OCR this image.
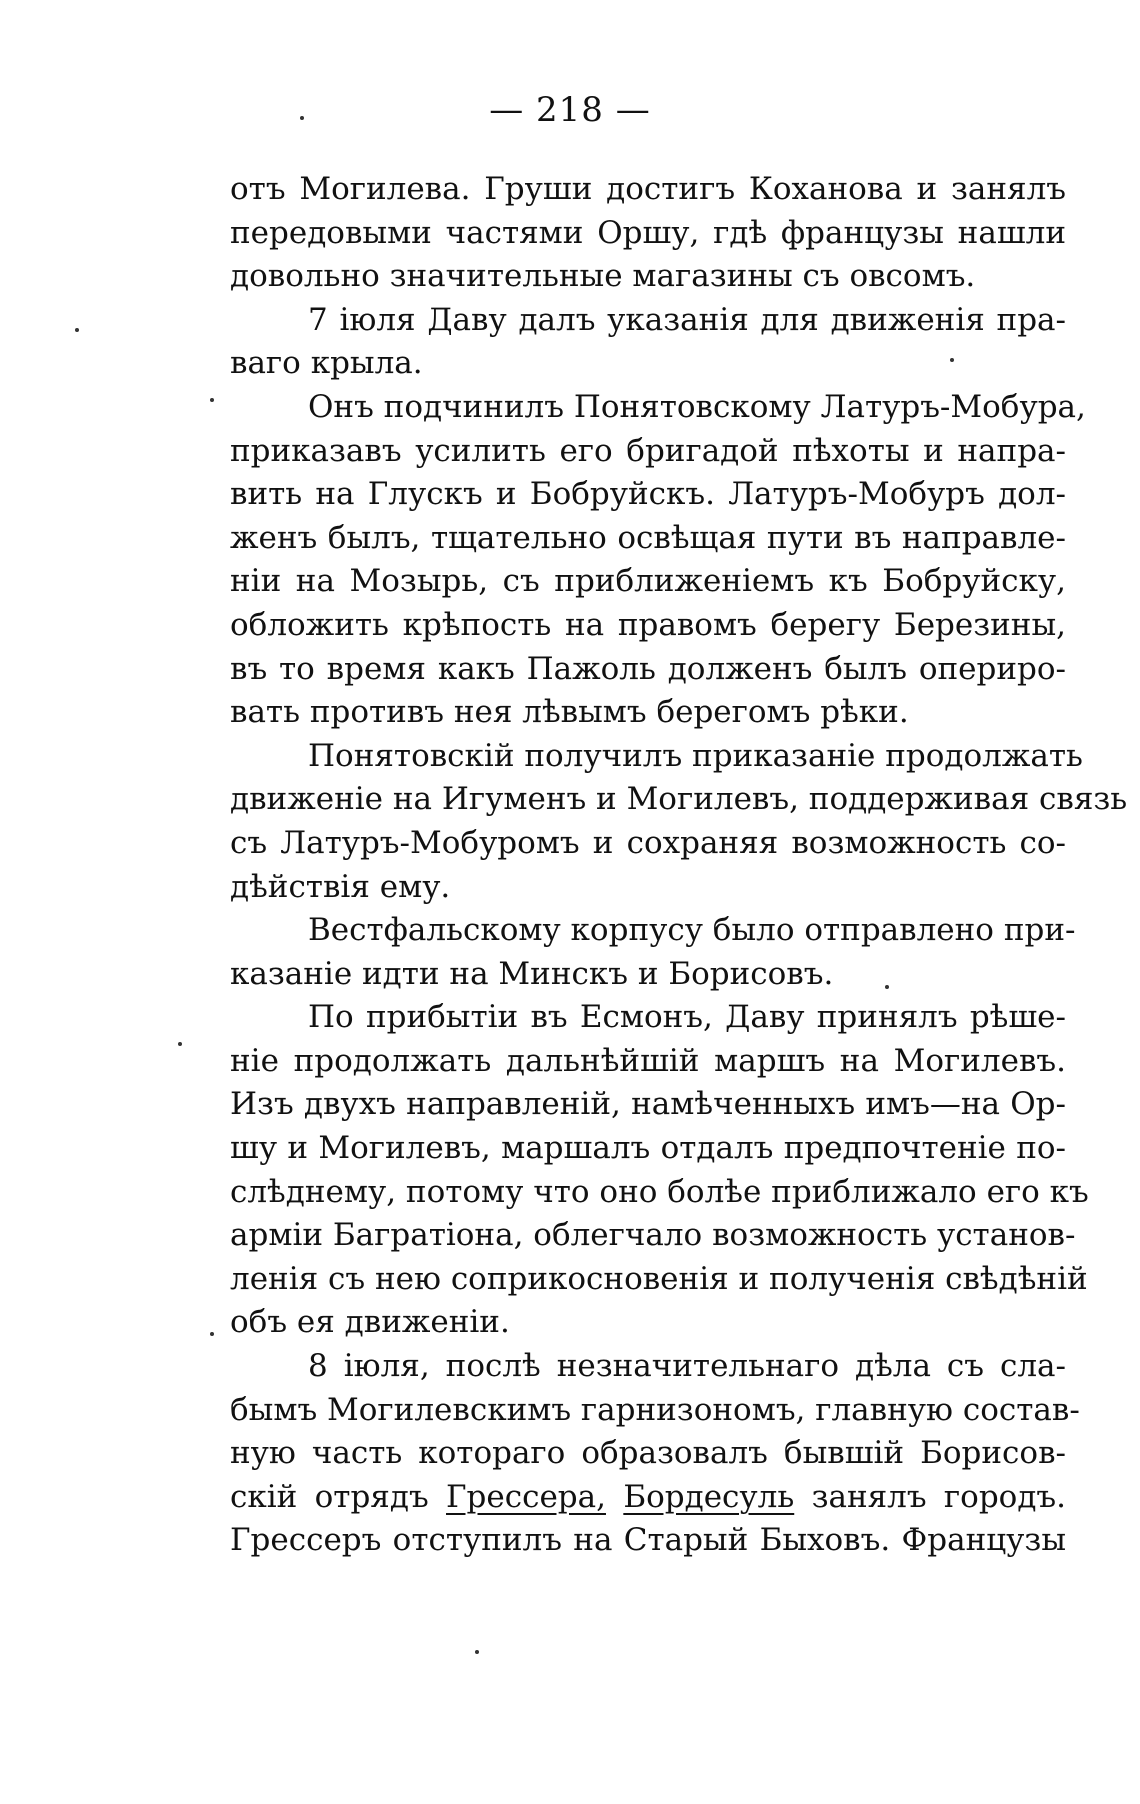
— 218 —
отъ Могилева. Груши достигъ Коханова и занялъ
передовыми частями Оршу, гдѣ французы нашли
довольно значительные магазины съ овсомъ.
7 іюля Даву далъ указанія для движенія пра-
ваго крыла.
Онъ подчинилъ Понятовскому Латуръ-Мобура,
приказавъ усилить его бригадой пѣхоты и напра-
вить на Глускъ и Бобруйскъ. Латуръ-Мобуръ дол-
женъ былъ, тщательно освѣщая пути въ направле-
ніи на Мозырь, съ приближеніемъ къ Бобруйску,
обложить крѣпость на правомъ берегу Березины,
въ то время какъ Пажоль долженъ былъ опериро-
вать противъ нея лѣвымъ берегомъ рѣки.
Понятовскій получилъ приказаніе продолжать
движеніе на Игуменъ и Могилевъ, поддерживая связь
съ Латуръ-Мобуромъ и сохраняя возможность со-
дѣйствія ему.
Вестфальскому корпусу было отправлено при-
казаніе идти на Минскъ и Борисовъ.
По прибытіи въ Есмонъ, Даву принялъ рѣше-
ніе продолжать дальнѣйшій маршъ на Могилевъ.
Изъ двухъ направленій, намѣченныхъ имъ—на Ор-
шу и Могилевъ, маршалъ отдалъ предпочтеніе по-
слѣднему, потому что оно болѣе приближало его къ
арміи Багратіона, облегчало возможность установ-
ленія съ нею соприкосновенія и полученія свѣдѣній
объ ея движеніи.
8 іюля, послѣ незначительнаго дѣла съ сла-
бымъ Могилевскимъ гарнизономъ, главную состав-
ную часть котораго образовалъ бывшій Борисов-
скій отрядъ Грессера, Бордесуль занялъ городъ.
Грессеръ отступилъ на Старый Быховъ. Французы
